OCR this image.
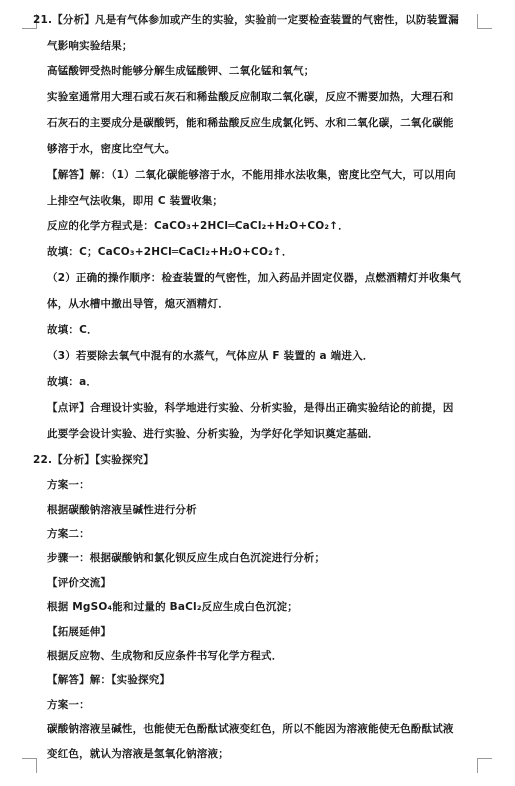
21.【分析】凡是有气体参加或产生的实验，实验前一定要检查装置的气密性，以防装置漏
气影响实验结果；
高锰酸钾受热时能够分解生成锰酸钾、二氧化锰和氧气；
实验室通常用大理石或石灰石和稀盐酸反应制取二氧化碳，反应不需要加热，大理石和
石灰石的主要成分是碳酸钙，能和稀盐酸反应生成氯化钙、水和二氧化碳，二氧化碳能
够溶于水，密度比空气大。
【解答】解：（1）二氧化碳能够溶于水，不能用排水法收集，密度比空气大，可以用向
上排空气法收集，即用 C 装置收集；
反应的化学方程式是：CaCO₃+2HCl═CaCl₂+H₂O+CO₂↑．
故填：C；CaCO₃+2HCl═CaCl₂+H₂O+CO₂↑．
（2）正确的操作顺序：检查装置的气密性，加入药品并固定仪器，点燃酒精灯并收集气
体，从水槽中撤出导管，熄灭酒精灯．
故填：C．
（3）若要除去氧气中混有的水蒸气，气体应从 F 装置的 a 端进入．
故填：a．
【点评】合理设计实验，科学地进行实验、分析实验，是得出正确实验结论的前提，因
此要学会设计实验、进行实验、分析实验，为学好化学知识奠定基础．
22.【分析】【实验探究】
方案一：
根据碳酸钠溶液呈碱性进行分析
方案二：
步骤一：根据碳酸钠和氯化钡反应生成白色沉淀进行分析；
【评价交流】
根据 MgSO₄能和过量的 BaCl₂反应生成白色沉淀；
【拓展延伸】
根据反应物、生成物和反应条件书写化学方程式．
【解答】解：【实验探究】
方案一：
碳酸钠溶液呈碱性，也能使无色酚酞试液变红色，所以不能因为溶液能使无色酚酞试液
变红色，就认为溶液是氢氧化钠溶液；
